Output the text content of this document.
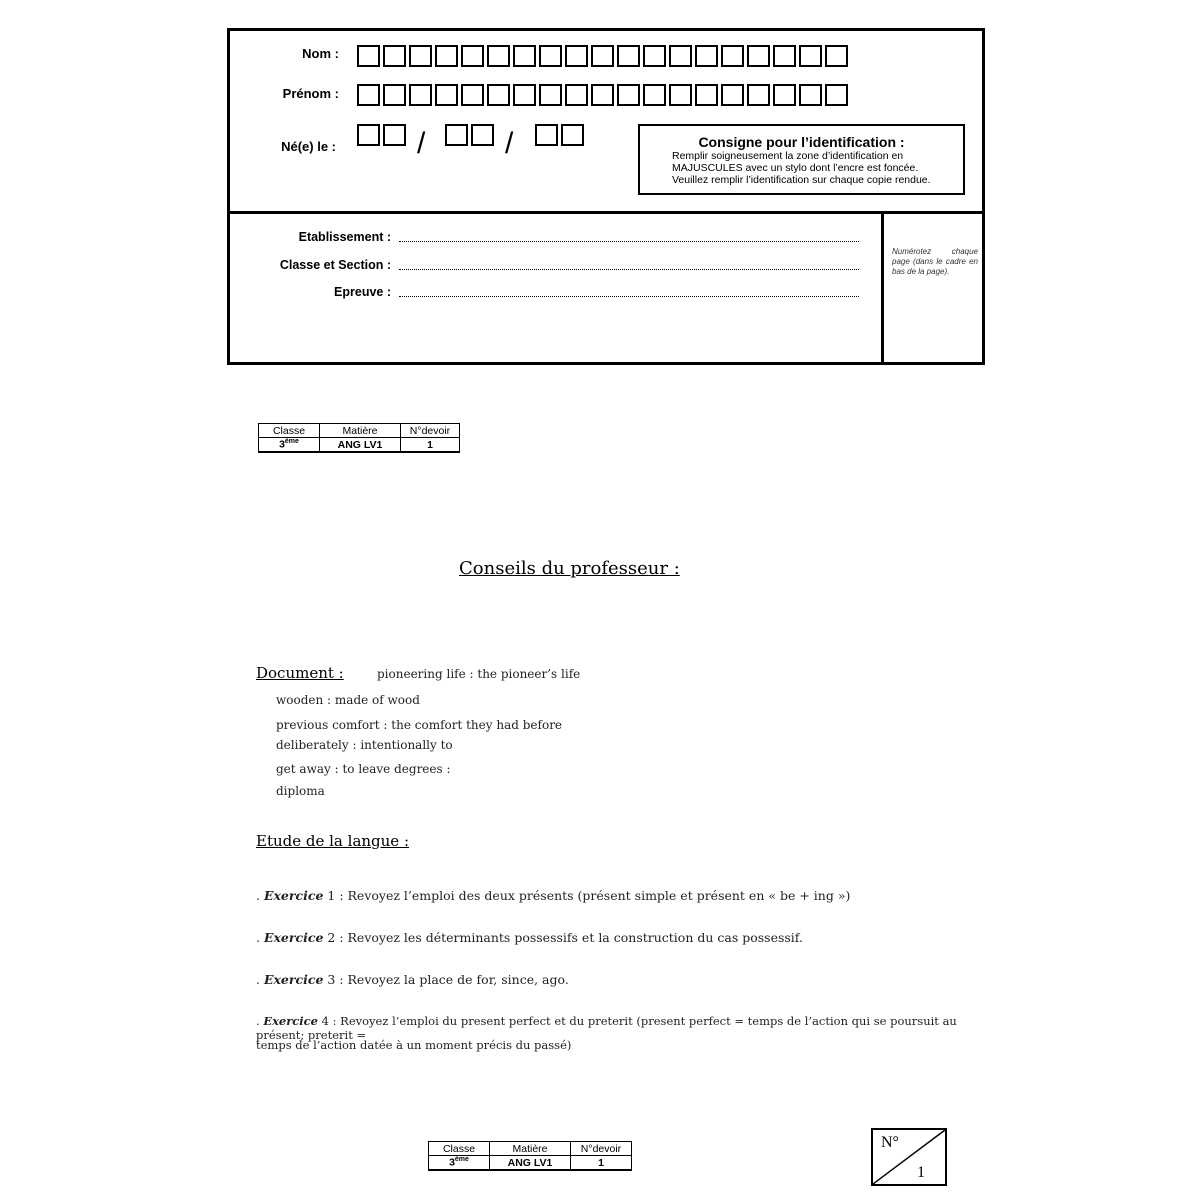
Nom :
Prénom :
Né(e) le :	/	/	Consigne pour l’identification :
Remplir soigneusement la zone d’identification en
MAJUSCULES avec un stylo dont l’encre est foncée.
Veuillez remplir l’identification sur chaque copie rendue.
Etablissement :
Classe et Section :
Epreuve :
Numérotez chaque page (dans le cadre en bas de la page).
Classe	Matière	N°devoir
3ème	ANG LV1	1
Conseils du professeur :
Document :	pioneering life : the pioneer’s life
wooden : made of wood
previous comfort : the comfort they had before
deliberately : intentionally to
get away : to leave degrees :
diploma
Etude de la langue :
. Exercice 1 : Revoyez l’emploi des deux présents (présent simple et présent en « be + ing »)
. Exercice 2 : Revoyez les déterminants possessifs et la construction du cas possessif.
. Exercice 3 : Revoyez la place de for, since, ago.
. Exercice 4 : Revoyez l’emploi du present perfect et du preterit (present perfect = temps de l’action qui se poursuit au présent; preterit =
temps de l’action datée à un moment précis du passé)
Classe	Matière	N°devoir
3ème	ANG LV1	1
N°
1
